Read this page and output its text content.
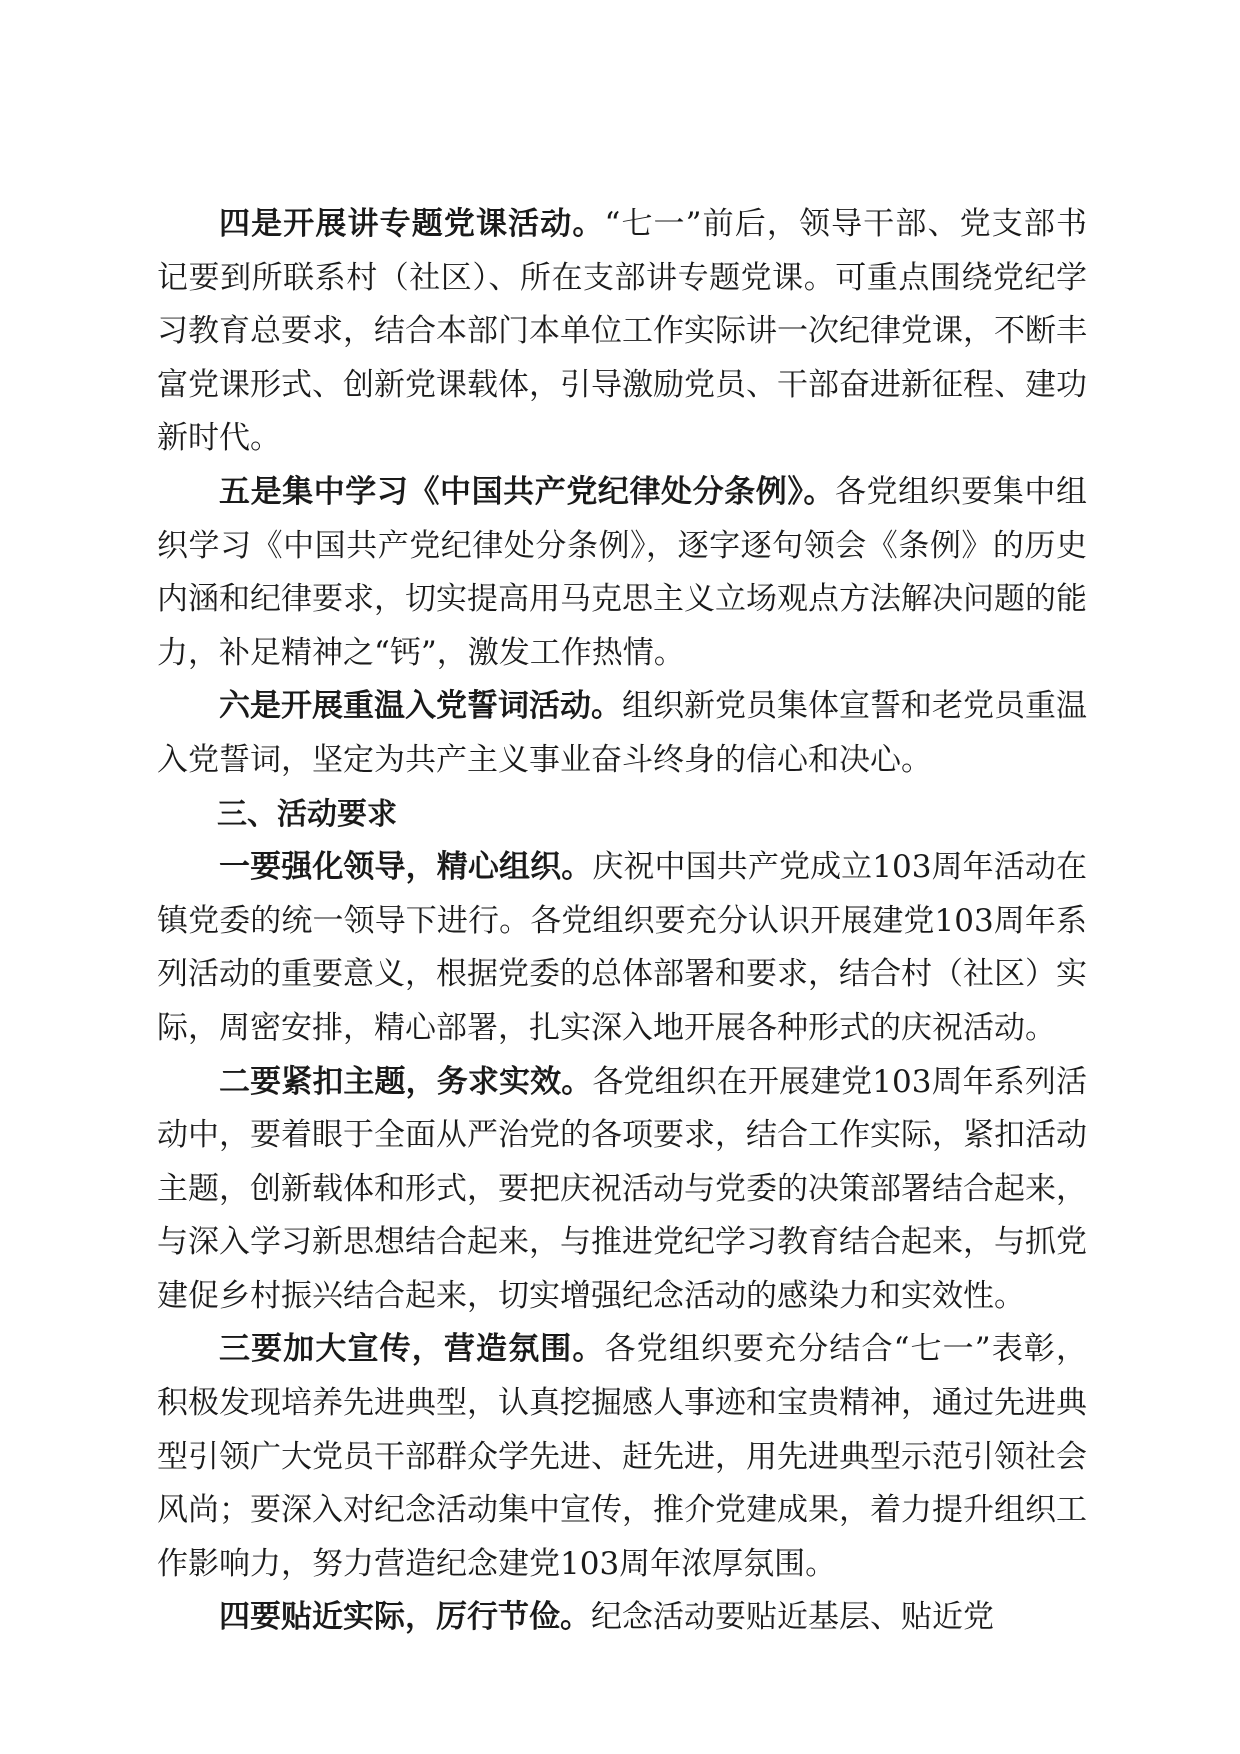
四是开展讲专题党课活动。“七一”前后，领导干部、党支部书记要到所联系村（社区）、所在支部讲专题党课。可重点围绕党纪学习教育总要求，结合本部门本单位工作实际讲一次纪律党课，不断丰富党课形式、创新党课载体，引导激励党员、干部奋进新征程、建功新时代。

五是集中学习《中国共产党纪律处分条例》。各党组织要集中组织学习《中国共产党纪律处分条例》，逐字逐句领会《条例》的历史内涵和纪律要求，切实提高用马克思主义立场观点方法解决问题的能力，补足精神之“钙”，激发工作热情。

六是开展重温入党誓词活动。组织新党员集体宣誓和老党员重温入党誓词，坚定为共产主义事业奋斗终身的信心和决心。

三、活动要求

一要强化领导，精心组织。庆祝中国共产党成立103周年活动在镇党委的统一领导下进行。各党组织要充分认识开展建党103周年系列活动的重要意义，根据党委的总体部署和要求，结合村（社区）实际，周密安排，精心部署，扎实深入地开展各种形式的庆祝活动。

二要紧扣主题，务求实效。各党组织在开展建党103周年系列活动中，要着眼于全面从严治党的各项要求，结合工作实际，紧扣活动主题，创新载体和形式，要把庆祝活动与党委的决策部署结合起来，与深入学习新思想结合起来，与推进党纪学习教育结合起来，与抓党建促乡村振兴结合起来，切实增强纪念活动的感染力和实效性。

三要加大宣传，营造氛围。各党组织要充分结合“七一”表彰，积极发现培养先进典型，认真挖掘感人事迹和宝贵精神，通过先进典型引领广大党员干部群众学先进、赶先进，用先进典型示范引领社会风尚；要深入对纪念活动集中宣传，推介党建成果，着力提升组织工作影响力，努力营造纪念建党103周年浓厚氛围。

四要贴近实际，厉行节俭。纪念活动要贴近基层、贴近党
